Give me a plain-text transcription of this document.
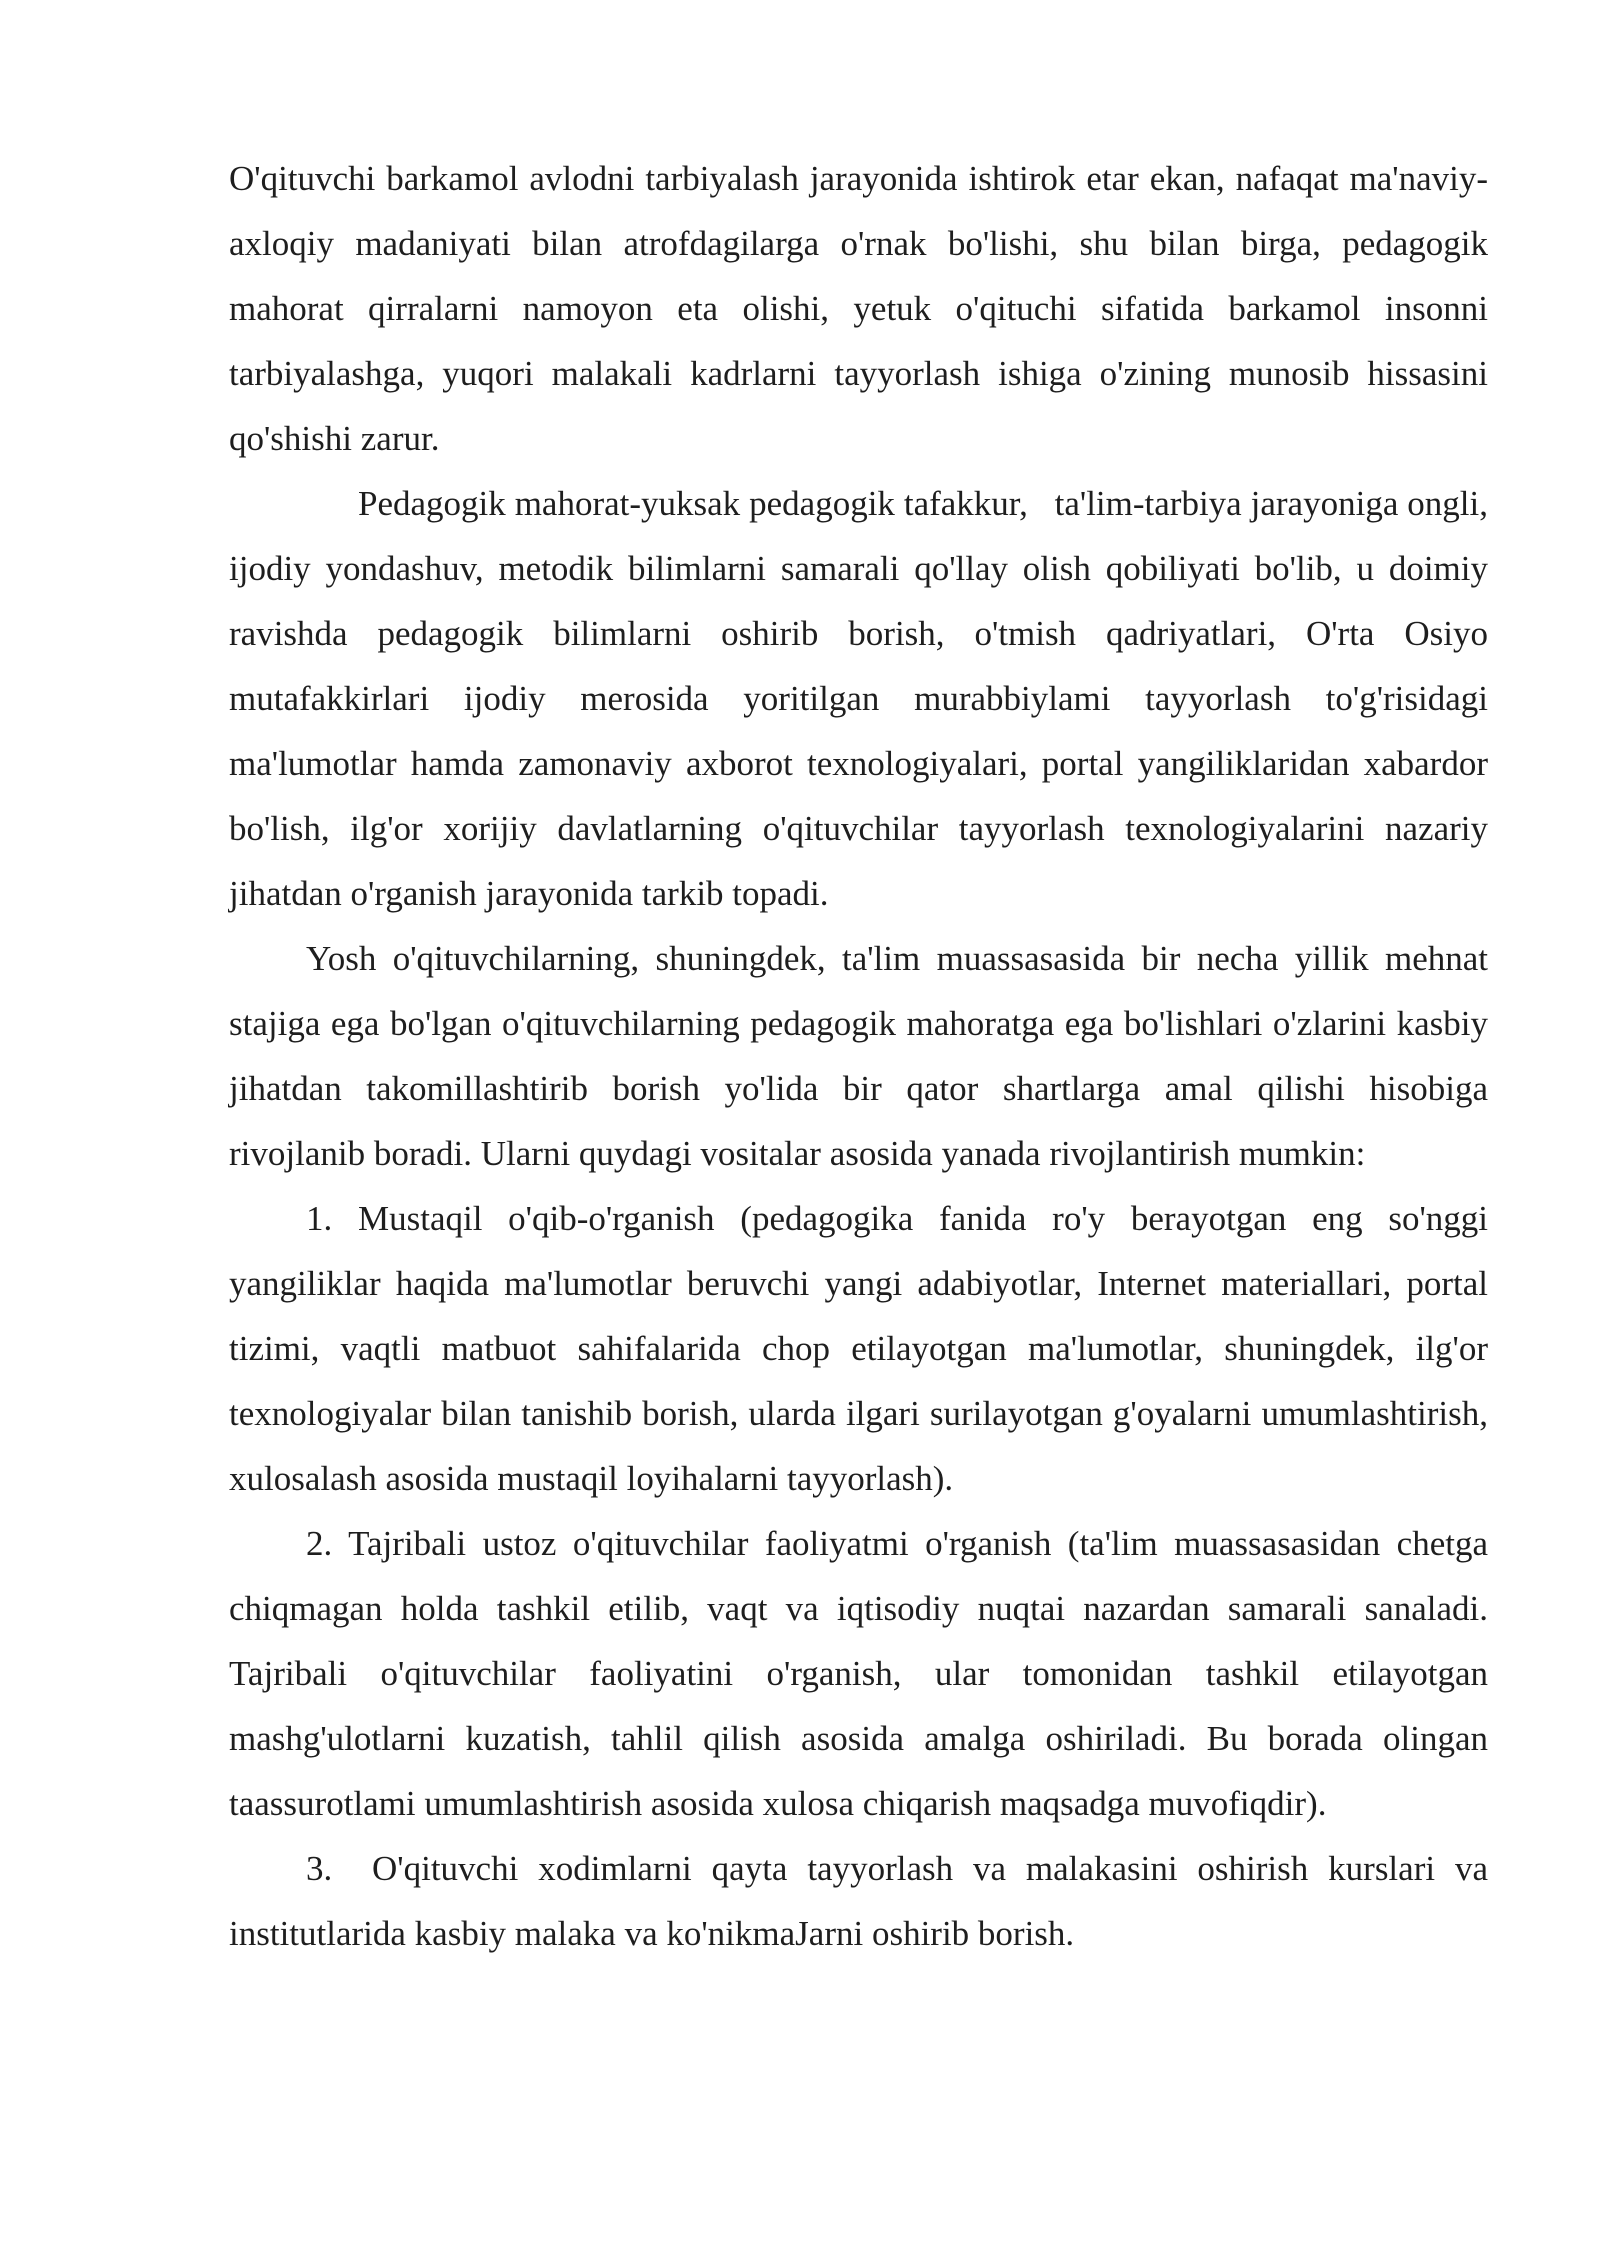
O'qituvchi barkamol avlodni tarbiyalash jarayonida ishtirok etar ekan, nafaqat ma'naviy-axloqiy madaniyati bilan atrofdagilarga o'rnak bo'lishi, shu bilan birga, pedagogik mahorat qirralarni namoyon eta olishi, yetuk o'qituchi sifatida barkamol insonni tarbiyalashga, yuqori malakali kadrlarni tayyorlash ishiga o'zining munosib hissasini qo'shishi zarur.

Pedagogik mahorat-yuksak pedagogik tafakkur,   ta'lim-tarbiya jarayoniga ongli, ijodiy yondashuv, metodik bilimlarni samarali qo'llay olish qobiliyati bo'lib, u doimiy ravishda pedagogik bilimlarni oshirib borish, o'tmish qadriyatlari, O'rta Osiyo mutafakkirlari ijodiy merosida yoritilgan murabbiylami tayyorlash to'g'risidagi  ma'lumotlar hamda zamonaviy axborot texnologiyalari, portal yangiliklaridan xabardor bo'lish, ilg'or xorijiy davlatlarning o'qituvchilar tayyorlash texnologiyalarini nazariy jihatdan o'rganish jarayonida tarkib topadi.

Yosh o'qituvchilarning, shuningdek, ta'lim muassasasida bir necha yillik mehnat stajiga ega bo'lgan o'qituvchilarning pedagogik mahoratga ega bo'lishlari o'zlarini kasbiy jihatdan takomillashtirib borish yo'lida bir qator shartlarga amal qilishi hisobiga rivojlanib boradi. Ularni quydagi vositalar asosida yanada rivojlantirish mumkin:

1. Mustaqil o'qib-o'rganish (pedagogika fanida ro'y berayotgan eng so'nggi yangiliklar haqida ma'lumotlar beruvchi yangi adabiyotlar, Internet materiallari, portal tizimi, vaqtli matbuot sahifalarida chop etilayotgan ma'lumotlar, shuningdek, ilg'or texnologiyalar bilan tanishib borish, ularda ilgari surilayotgan g'oyalarni umumlashtirish, xulosalash asosida mustaqil loyihalarni tayyorlash).

2. Tajribali ustoz o'qituvchilar faoliyatmi o'rganish (ta'lim muassasasidan chetga chiqmagan holda tashkil etilib, vaqt va iqtisodiy nuqtai nazardan samarali sanaladi. Tajribali o'qituvchilar faoliyatini o'rganish, ular tomonidan tashkil etilayotgan mashg'ulotlarni kuzatish, tahlil qilish asosida amalga oshiriladi. Bu borada olingan taassurotlami umumlashtirish asosida xulosa chiqarish maqsadga muvofiqdir).

3.  O'qituvchi xodimlarni qayta tayyorlash va malakasini oshirish kurslari va institutlarida kasbiy malaka va ko'nikmaJarni oshirib borish.
